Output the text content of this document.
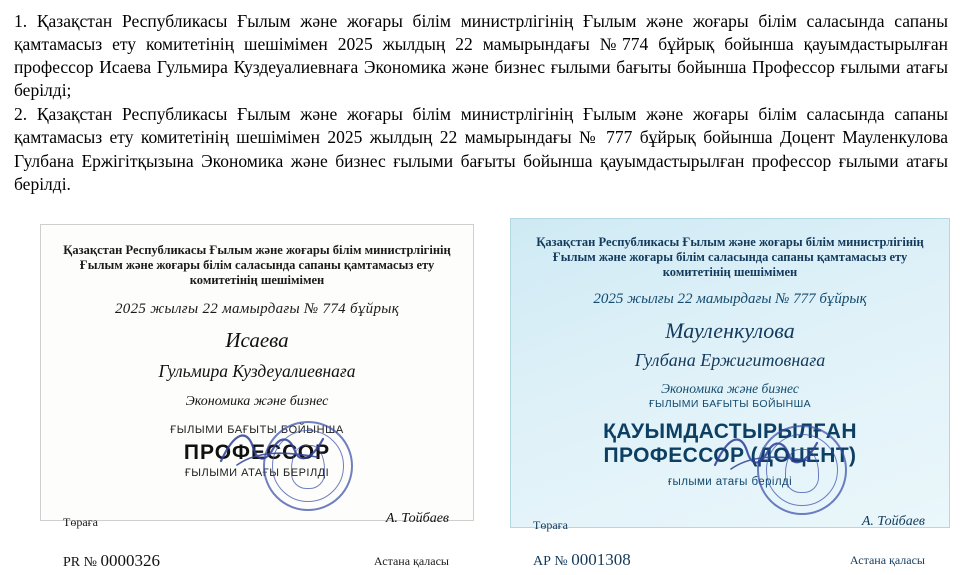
1. Қазақстан Республикасы Ғылым және жоғары білім министрлігінің Ғылым және жоғары білім саласында сапаны қамтамасыз ету комитетінің шешімімен 2025 жылдың 22 мамырындағы №774 бұйрық бойынша қауымдастырылған профессор Исаева Гульмира Куздеуалиевнаға Экономика және бизнес ғылыми бағыты бойынша Профессор ғылыми атағы берілді;

2. Қазақстан Республикасы Ғылым және жоғары білім министрлігінің Ғылым және жоғары білім саласында сапаны қамтамасыз ету комитетінің шешімімен 2025 жылдың 22 мамырындағы № 777 бұйрық бойынша Доцент Мауленкулова Гулбана Ержігітқызына Экономика және бизнес ғылыми бағыты бойынша қауымдастырылған профессор ғылыми атағы берілді.

Қазақстан Республикасы Ғылым және жоғары білім министрлігінің Ғылым және жоғары білім саласында сапаны қамтамасыз ету комитетінің шешімімен
2025 жылғы 22 мамырдағы № 774 бұйрық
Исаева
Гульмира Куздеуалиевнаға
Экономика және бизнес
ҒЫЛЫМИ БАҒЫТЫ БОЙЫНША
ПРОФЕССОР
ҒЫЛЫМИ АТАҒЫ БЕРІЛДІ
Төраға	А. Тойбаев
PR № 0000326	Астана қаласы
Қазақстан Республикасы Ғылым және жоғары білім министрлігінің Ғылым және жоғары білім саласында сапаны қамтамасыз ету комитетінің шешімімен
2025 жылғы 22 мамырдағы № 777 бұйрық
Мауленкулова
Гулбана Ержигитовнаға
Экономика және бизнес
ҒЫЛЫМИ БАҒЫТЫ БОЙЫНША
ҚАУЫМДАСТЫРЫЛҒАН
ПРОФЕССОР (ДОЦЕНТ)
ғылыми атағы берілді
Төраға	А. Тойбаев
АР № 0001308	Астана қаласы
